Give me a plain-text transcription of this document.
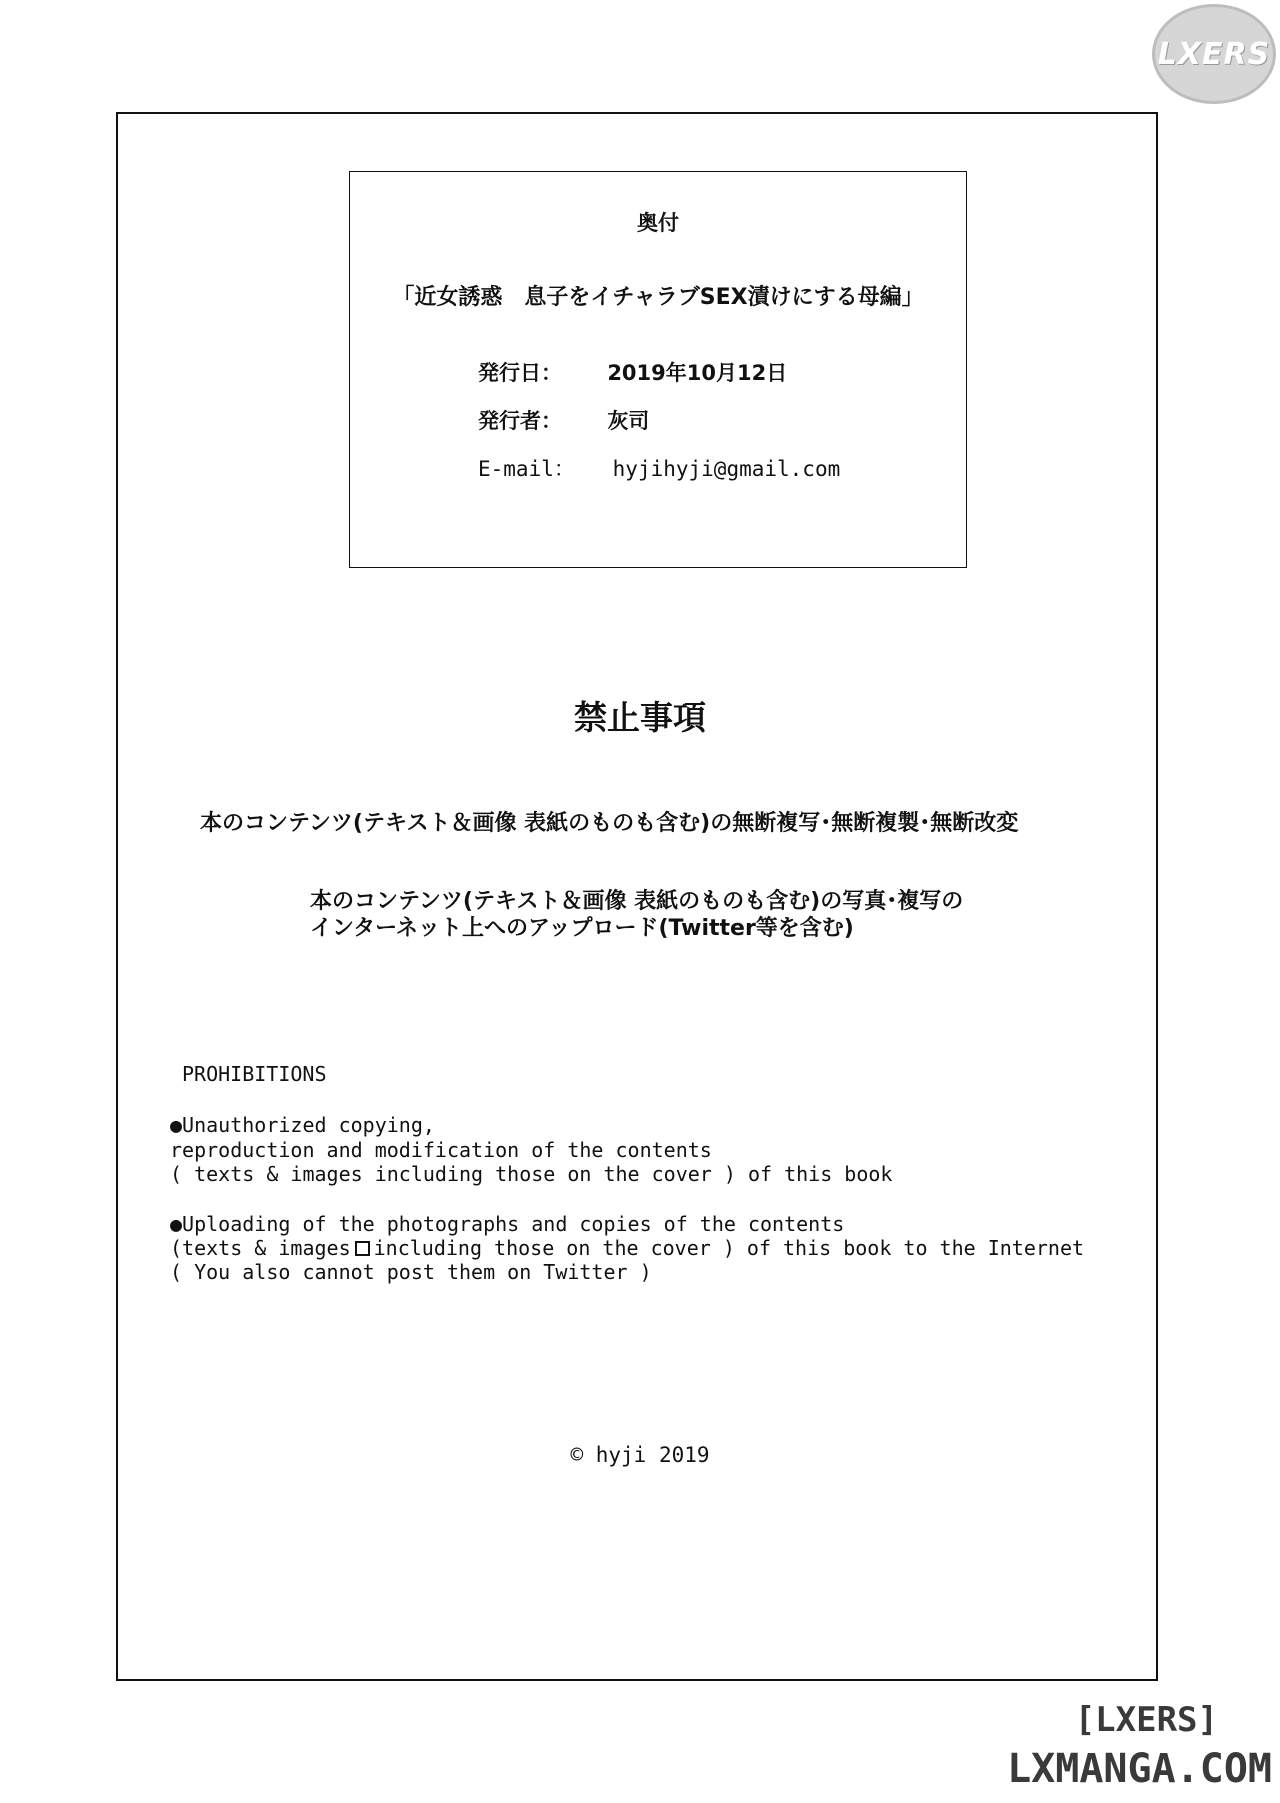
LXERS
奥付
「近女誘惑　息子をイチャラブSEX漬けにする母編」
発行日： 2019年10月12日
発行者： 灰司
E-mail： hyjihyji@gmail.com
禁止事項
本のコンテンツ(テキスト＆画像 表紙のものも含む)の無断複写･無断複製･無断改変
本のコンテンツ(テキスト＆画像 表紙のものも含む)の写真･複写の
インターネット上へのアップロード(Twitter等を含む)
PROHIBITIONS
●Unauthorized copying,
reproduction and modification of the contents
( texts & images including those on the cover ) of this book
●Uploading of the photographs and copies of the contents
(texts & images including those on the cover ) of this book to the Internet
( You also cannot post them on Twitter )
© hyji 2019
[LXERS]
LXMANGA.COM
